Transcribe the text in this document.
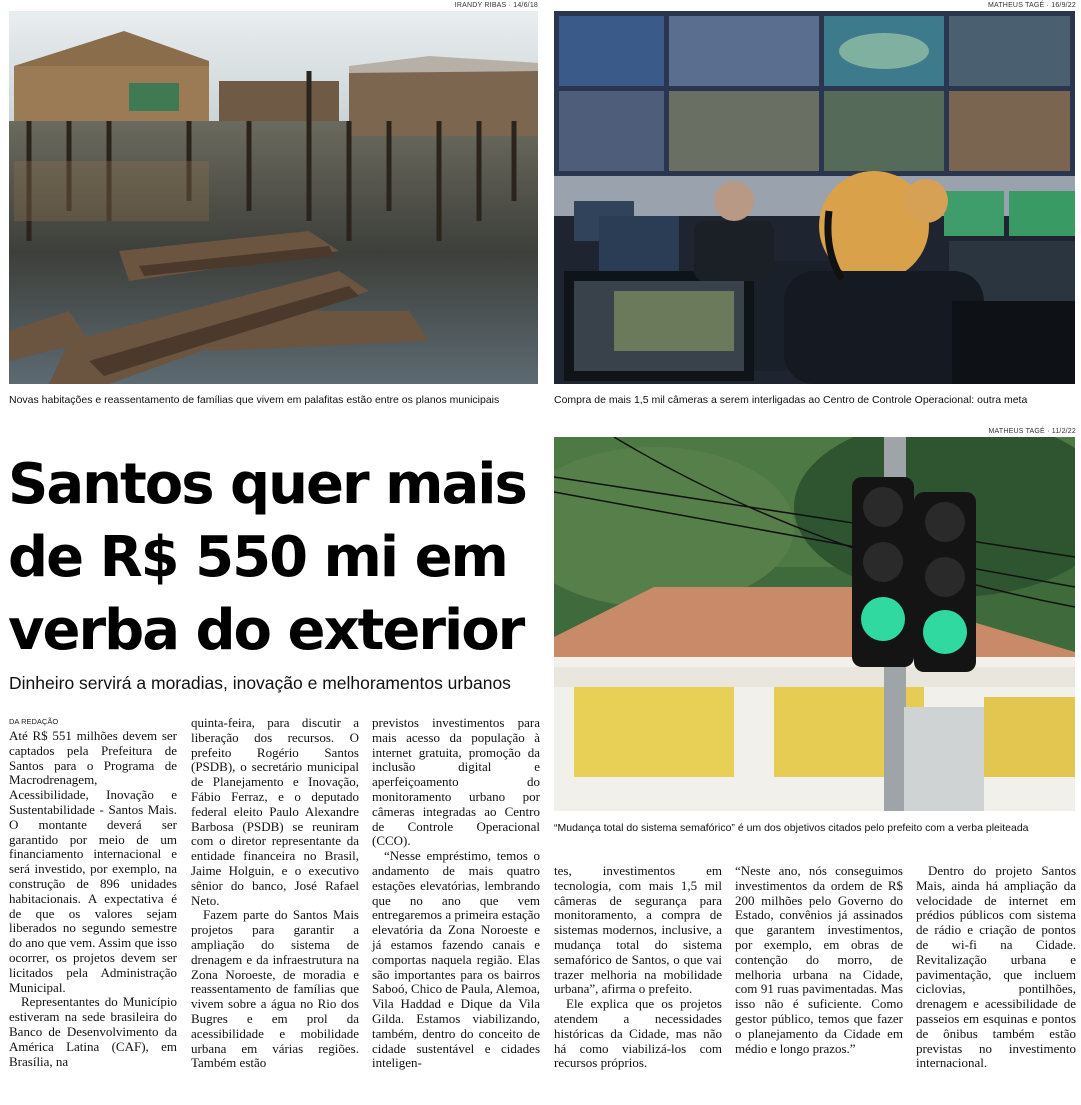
IRANDY RIBAS · 14/6/18
Novas habitações e reassentamento de famílias que vivem em palafitas estão entre os planos municipais
MATHEUS TAGÉ · 16/9/22
Compra de mais 1,5 mil câmeras a serem interligadas ao Centro de Controle Operacional: outra meta
Santos quer mais
de R$ 550 mi em
verba do exterior
Dinheiro servirá a moradias, inovação e melhoramentos urbanos
MATHEUS TAGÉ · 11/2/22
“Mudança total do sistema semafórico” é um dos objetivos citados pelo prefeito com a verba pleiteada
DA REDAÇÃO

Até R$ 551 milhões devem ser captados pela Prefeitura de Santos para o Programa de Macrodrenagem, Acessibilidade, Inovação e Sustentabilidade - Santos Mais. O montante deverá ser garantido por meio de um financiamento internacional e será investido, por exemplo, na construção de 896 unidades habitacionais. A expectativa é de que os valores sejam liberados no segundo semestre do ano que vem. Assim que isso ocorrer, os projetos devem ser licitados pela Administração Municipal.

Representantes do Município estiveram na sede brasileira do Banco de Desenvolvimento da América Latina (CAF), em Brasília, na

quinta-feira, para discutir a liberação dos recursos. O prefeito Rogério Santos (PSDB), o secretário municipal de Planejamento e Inovação, Fábio Ferraz, e o deputado federal eleito Paulo Alexandre Barbosa (PSDB) se reuniram com o diretor representante da entidade financeira no Brasil, Jaime Holguin, e o executivo sênior do banco, José Rafael Neto.

Fazem parte do Santos Mais projetos para garantir a ampliação do sistema de drenagem e da infraestrutura na Zona Noroeste, de moradia e reassentamento de famílias que vivem sobre a água no Rio dos Bugres e em prol da acessibilidade e mobilidade urbana em várias regiões. Também estão

previstos investimentos para mais acesso da população à internet gratuita, promoção da inclusão digital e aperfeiçoamento do monitoramento urbano por câmeras integradas ao Centro de Controle Operacional (CCO).

“Nesse empréstimo, temos o andamento de mais quatro estações elevatórias, lembrando que no ano que vem entregaremos a primeira estação elevatória da Zona Noroeste e já estamos fazendo canais e comportas naquela região. Elas são importantes para os bairros Saboó, Chico de Paula, Alemoa, Vila Haddad e Dique da Vila Gilda. Estamos viabilizando, também, dentro do conceito de cidade sustentável e cidades inteligen-

tes, investimentos em tecnologia, com mais 1,5 mil câmeras de segurança para monitoramento, a compra de sistemas modernos, inclusive, a mudança total do sistema semafórico de Santos, o que vai trazer melhoria na mobilidade urbana”, afirma o prefeito.

Ele explica que os projetos atendem a necessidades históricas da Cidade, mas não há como viabilizá-los com recursos próprios.

“Neste ano, nós conseguimos investimentos da ordem de R$ 200 milhões pelo Governo do Estado, convênios já assinados que garantem investimentos, por exemplo, em obras de contenção do morro, de melhoria urbana na Cidade, com 91 ruas pavimentadas. Mas isso não é suficiente. Como gestor público, temos que fazer o planejamento da Cidade em médio e longo prazos.”

Dentro do projeto Santos Mais, ainda há ampliação da velocidade de internet em prédios públicos com sistema de rádio e criação de pontos de wi-fi na Cidade. Revitalização urbana e pavimentação, que incluem ciclovias, pontilhões, drenagem e acessibilidade de passeios em esquinas e pontos de ônibus também estão previstas no investimento internacional.
